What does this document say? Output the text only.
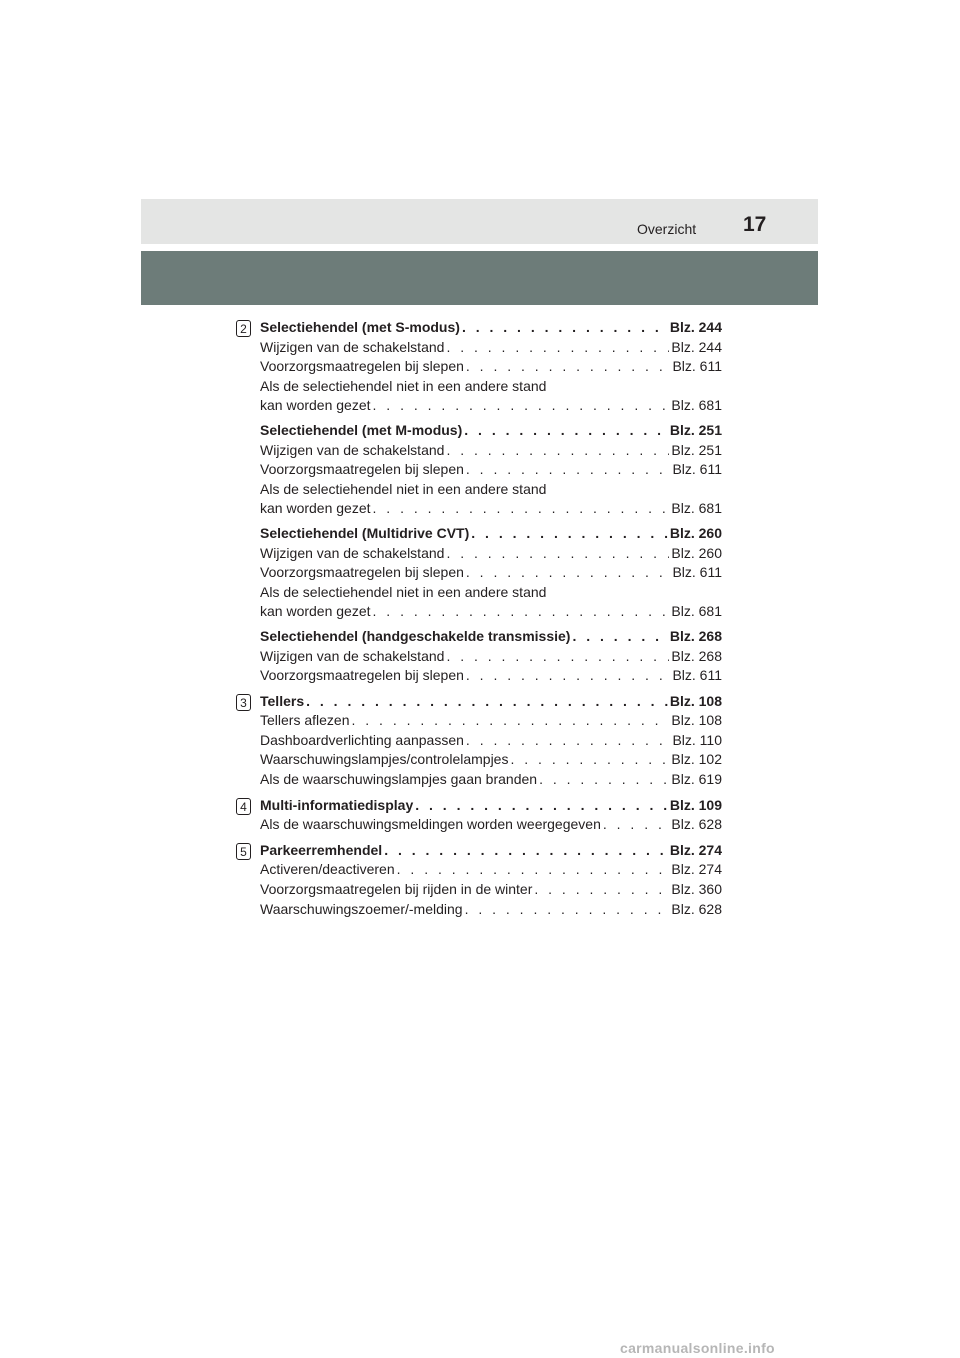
Overzicht 17
2 Selectiehendel (met S-modus) . . .	Blz. 244
Wijzigen van de schakelstand . . .	Blz. 244
Voorzorgsmaatregelen bij slepen . . .	Blz. 611
Als de selectiehendel niet in een andere stand
kan worden gezet . . .	Blz. 681
Selectiehendel (met M-modus) . . .	Blz. 251
Wijzigen van de schakelstand . . .	Blz. 251
Voorzorgsmaatregelen bij slepen . . .	Blz. 611
Als de selectiehendel niet in een andere stand
kan worden gezet . . .	Blz. 681
Selectiehendel (Multidrive CVT) . . .	Blz. 260
Wijzigen van de schakelstand . . .	Blz. 260
Voorzorgsmaatregelen bij slepen . . .	Blz. 611
Als de selectiehendel niet in een andere stand
kan worden gezet . . .	Blz. 681
Selectiehendel (handgeschakelde transmissie) . . .	Blz. 268
Wijzigen van de schakelstand . . .	Blz. 268
Voorzorgsmaatregelen bij slepen . . .	Blz. 611
3 Tellers . . .	Blz. 108
Tellers aflezen . . .	Blz. 108
Dashboardverlichting aanpassen . . .	Blz. 110
Waarschuwingslampjes/controlelampjes . . .	Blz. 102
Als de waarschuwingslampjes gaan branden . . .	Blz. 619
4 Multi-informatiedisplay . . .	Blz. 109
Als de waarschuwingsmeldingen worden weergegeven . . .	Blz. 628
5 Parkeerremhendel . . .	Blz. 274
Activeren/deactiveren . . .	Blz. 274
Voorzorgsmaatregelen bij rijden in de winter . . .	Blz. 360
Waarschuwingszoemer/-melding . . .	Blz. 628
carmanualsonline.info
